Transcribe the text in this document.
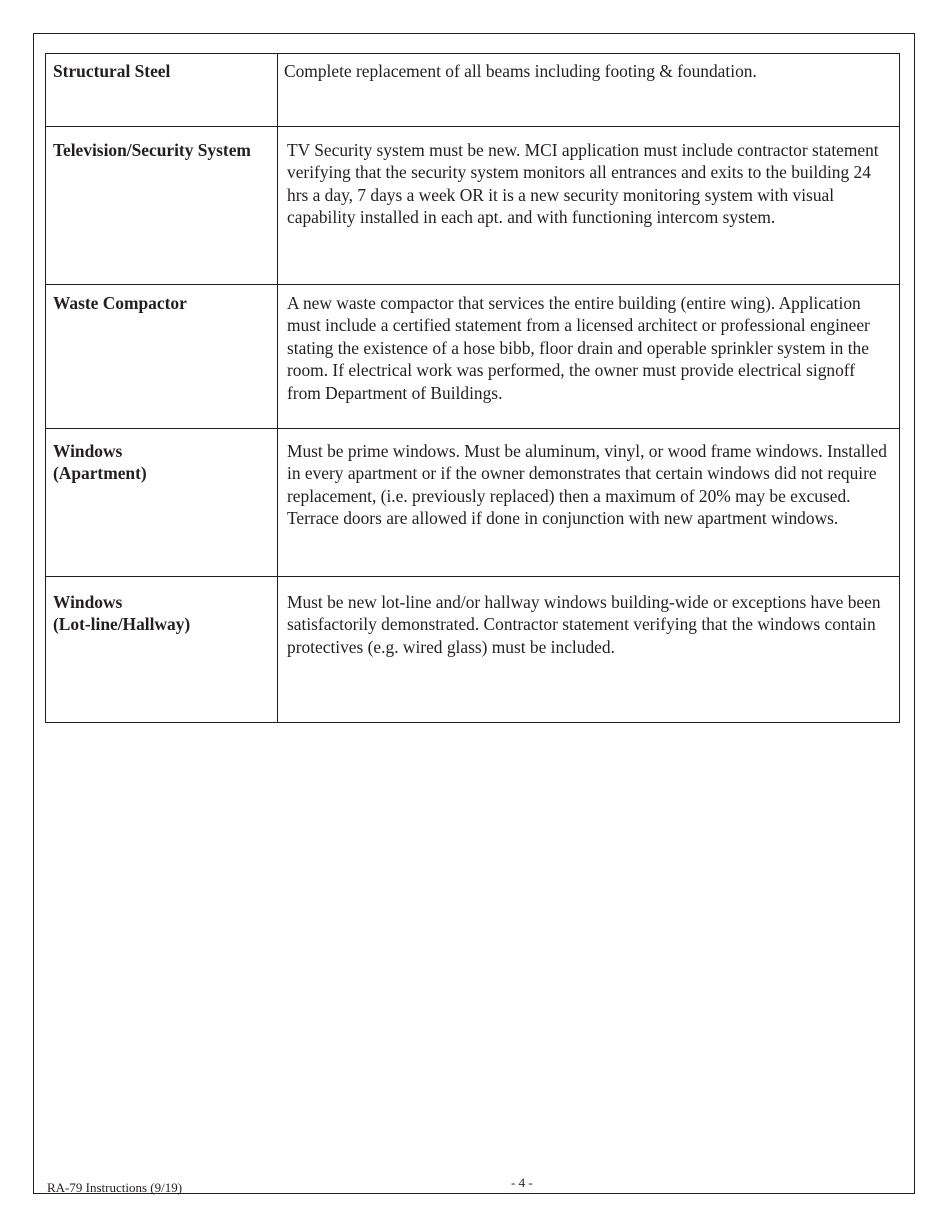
Structural Steel	Complete replacement of all beams including footing & foundation.

Television/Security System	TV Security system must be new. MCI application must include contractor statement verifying that the security system monitors all entrances and exits to the building 24 hrs a day, 7 days a week OR it is a new security monitoring system with visual capability installed in each apt. and with functioning intercom system.

Waste Compactor	A new waste compactor that services the entire building (entire wing). Application must include a certified statement from a licensed architect or professional engineer stating the existence of a hose bibb, floor drain and operable sprinkler system in the room. If electrical work was performed, the owner must provide electrical signoff from Department of Buildings.

Windows
(Apartment)	Must be prime windows. Must be aluminum, vinyl, or wood frame windows. Installed in every apartment or if the owner demonstrates that certain windows did not require replacement, (i.e. previously replaced) then a maximum of 20% may be excused. Terrace doors are allowed if done in conjunction with new apartment windows.

Windows
(Lot-line/Hallway)	Must be new lot-line and/or hallway windows building-wide or exceptions have been satisfactorily demonstrated. Contractor statement verifying that the windows contain protectives (e.g. wired glass) must be included.
RA-79 Instructions (9/19)	- 4 -
